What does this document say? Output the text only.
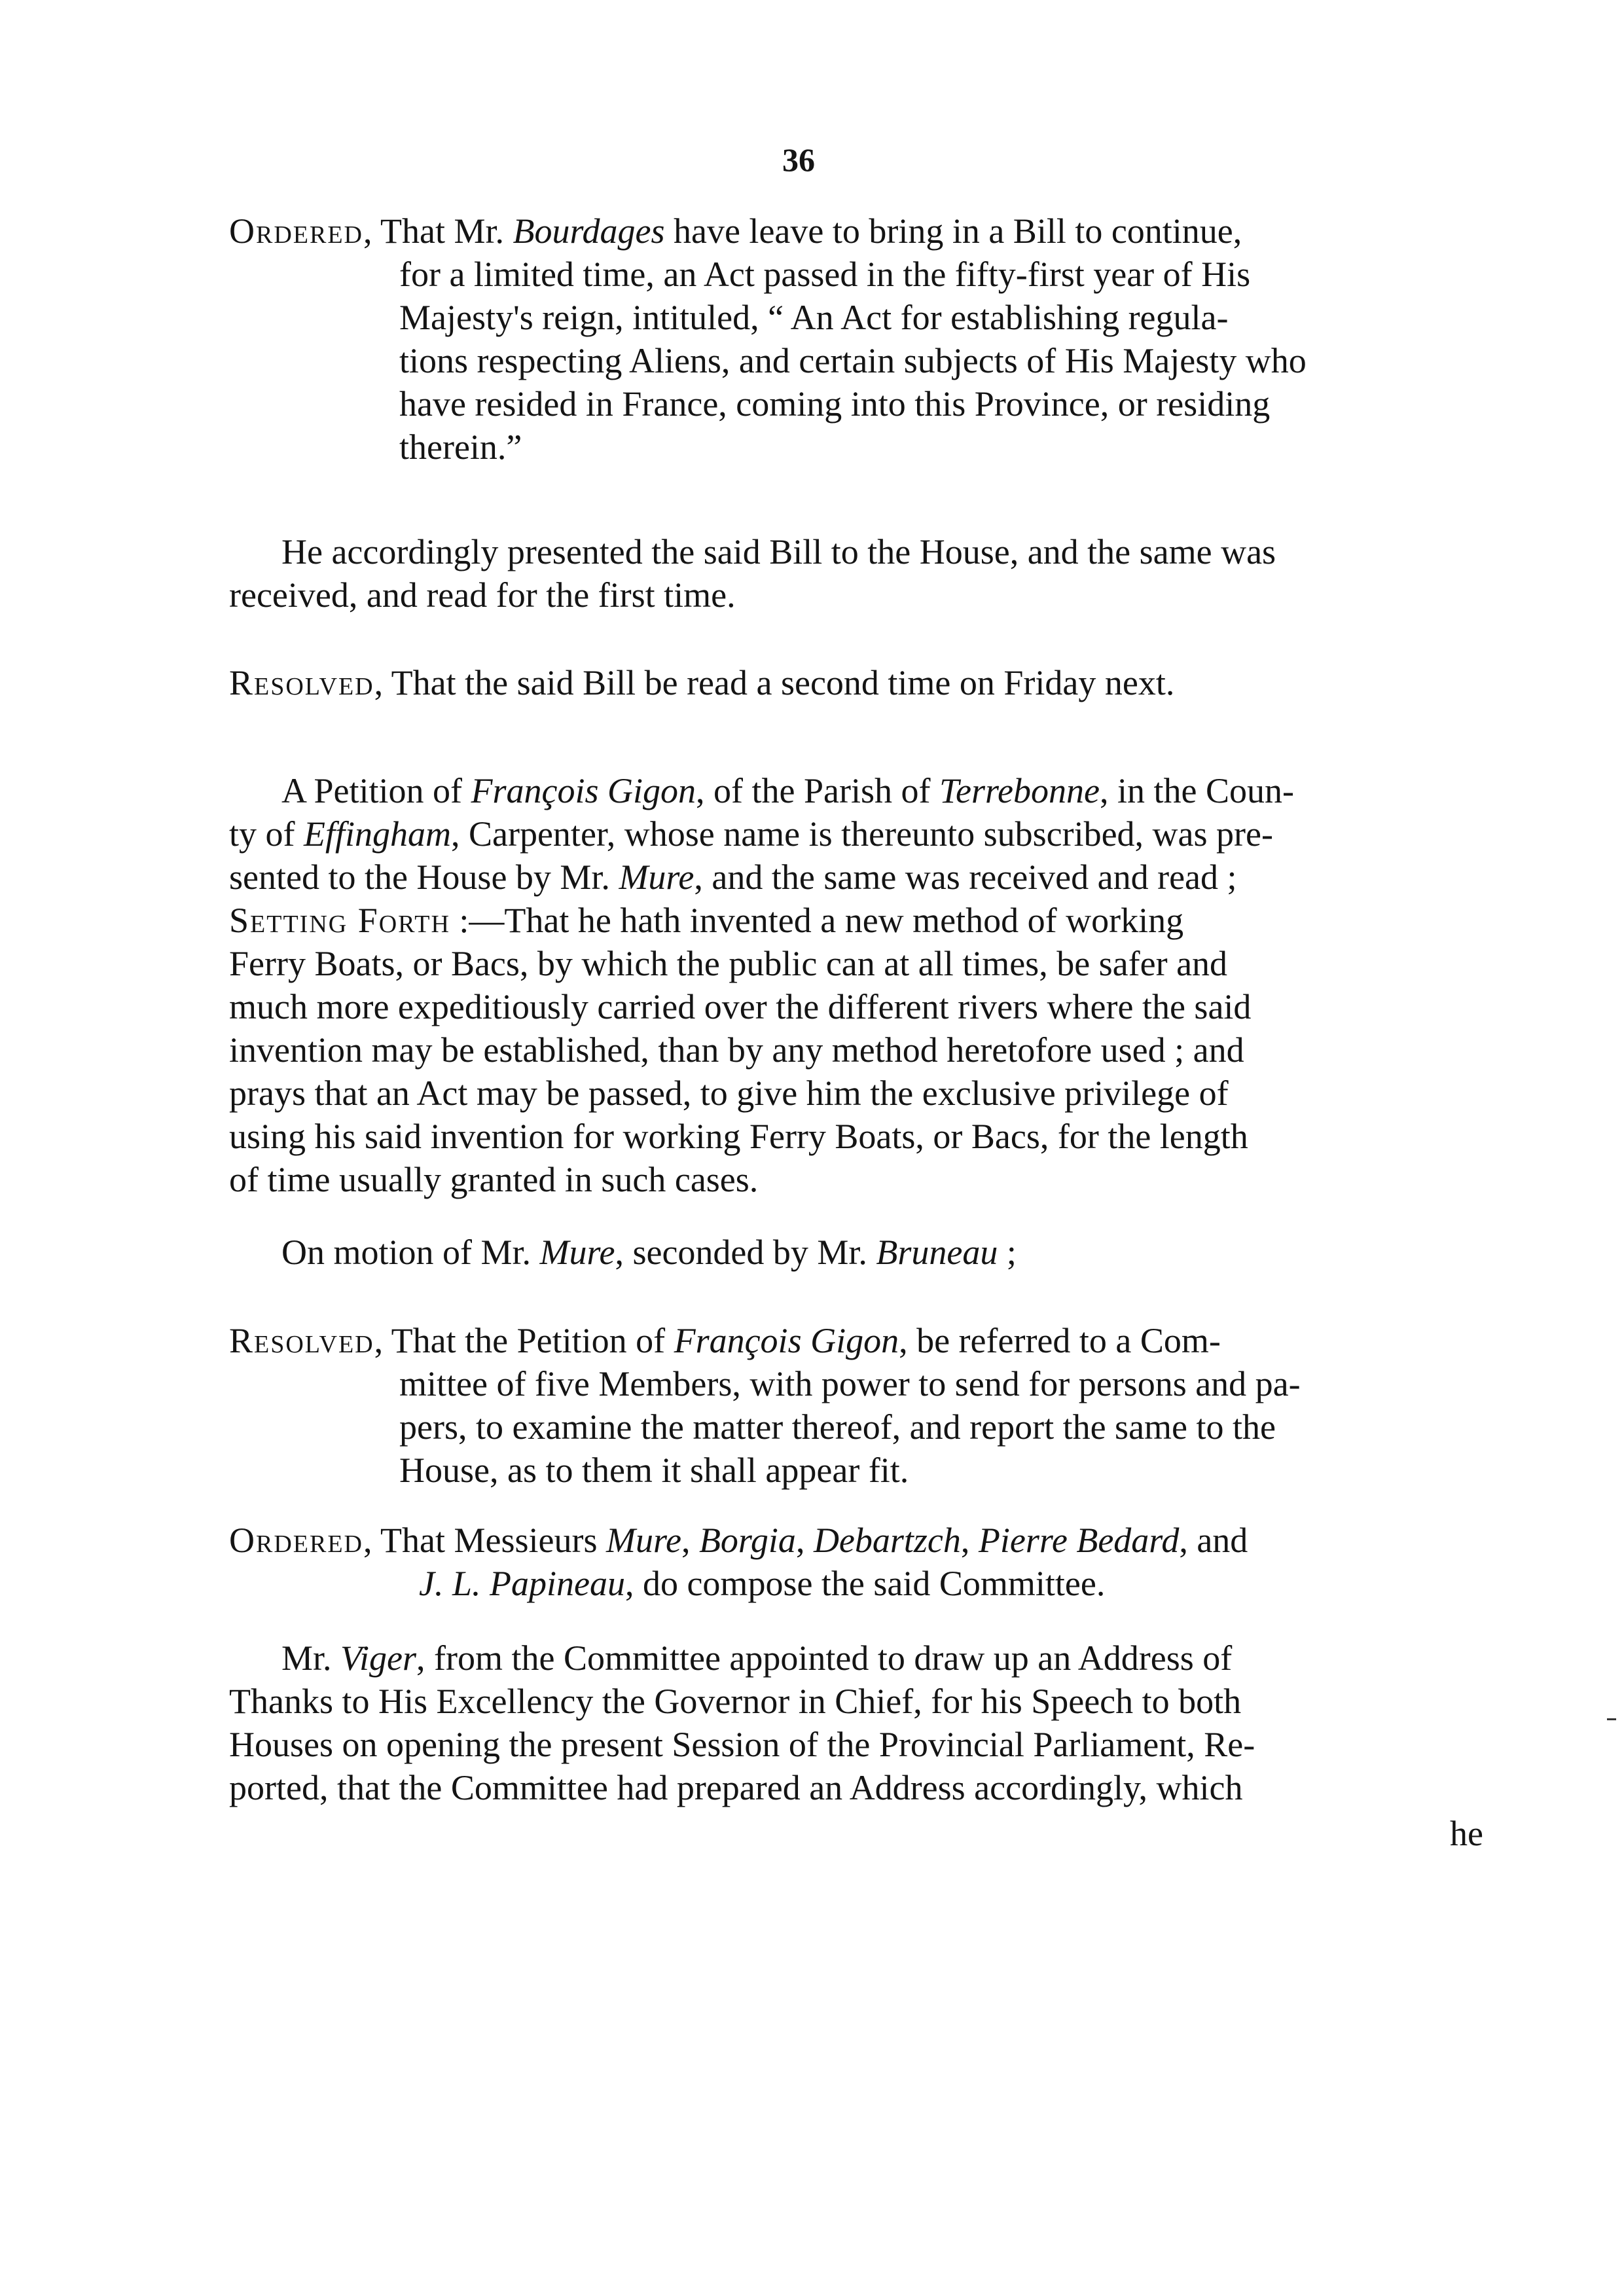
36
Ordered, That Mr. Bourdages have leave to bring in a Bill to continue,
for a limited time, an Act passed in the fifty-first year of His
Majesty's reign, intituled, “ An Act for establishing regula-
tions respecting Aliens, and certain subjects of His Majesty who
have resided in France, coming into this Province, or residing
therein.”
He accordingly presented the said Bill to the House, and the same was
received, and read for the first time.
Resolved, That the said Bill be read a second time on Friday next.
A Petition of François Gigon, of the Parish of Terrebonne, in the Coun-
ty of Effingham, Carpenter, whose name is thereunto subscribed, was pre-
sented to the House by Mr. Mure, and the same was received and read ;
Setting Forth :—That he hath invented a new method of working
Ferry Boats, or Bacs, by which the public can at all times, be safer and
much more expeditiously carried over the different rivers where the said
invention may be established, than by any method heretofore used ; and
prays that an Act may be passed, to give him the exclusive privilege of
using his said invention for working Ferry Boats, or Bacs, for the length
of time usually granted in such cases.
On motion of Mr. Mure, seconded by Mr. Bruneau ;
Resolved, That the Petition of François Gigon, be referred to a Com-
mittee of five Members, with power to send for persons and pa-
pers, to examine the matter thereof, and report the same to the
House, as to them it shall appear fit.
Ordered, That Messieurs Mure, Borgia, Debartzch, Pierre Bedard, and
J. L. Papineau, do compose the said Committee.
Mr. Viger, from the Committee appointed to draw up an Address of
Thanks to His Excellency the Governor in Chief, for his Speech to both
Houses on opening the present Session of the Provincial Parliament, Re-
ported, that the Committee had prepared an Address accordingly, which
he
